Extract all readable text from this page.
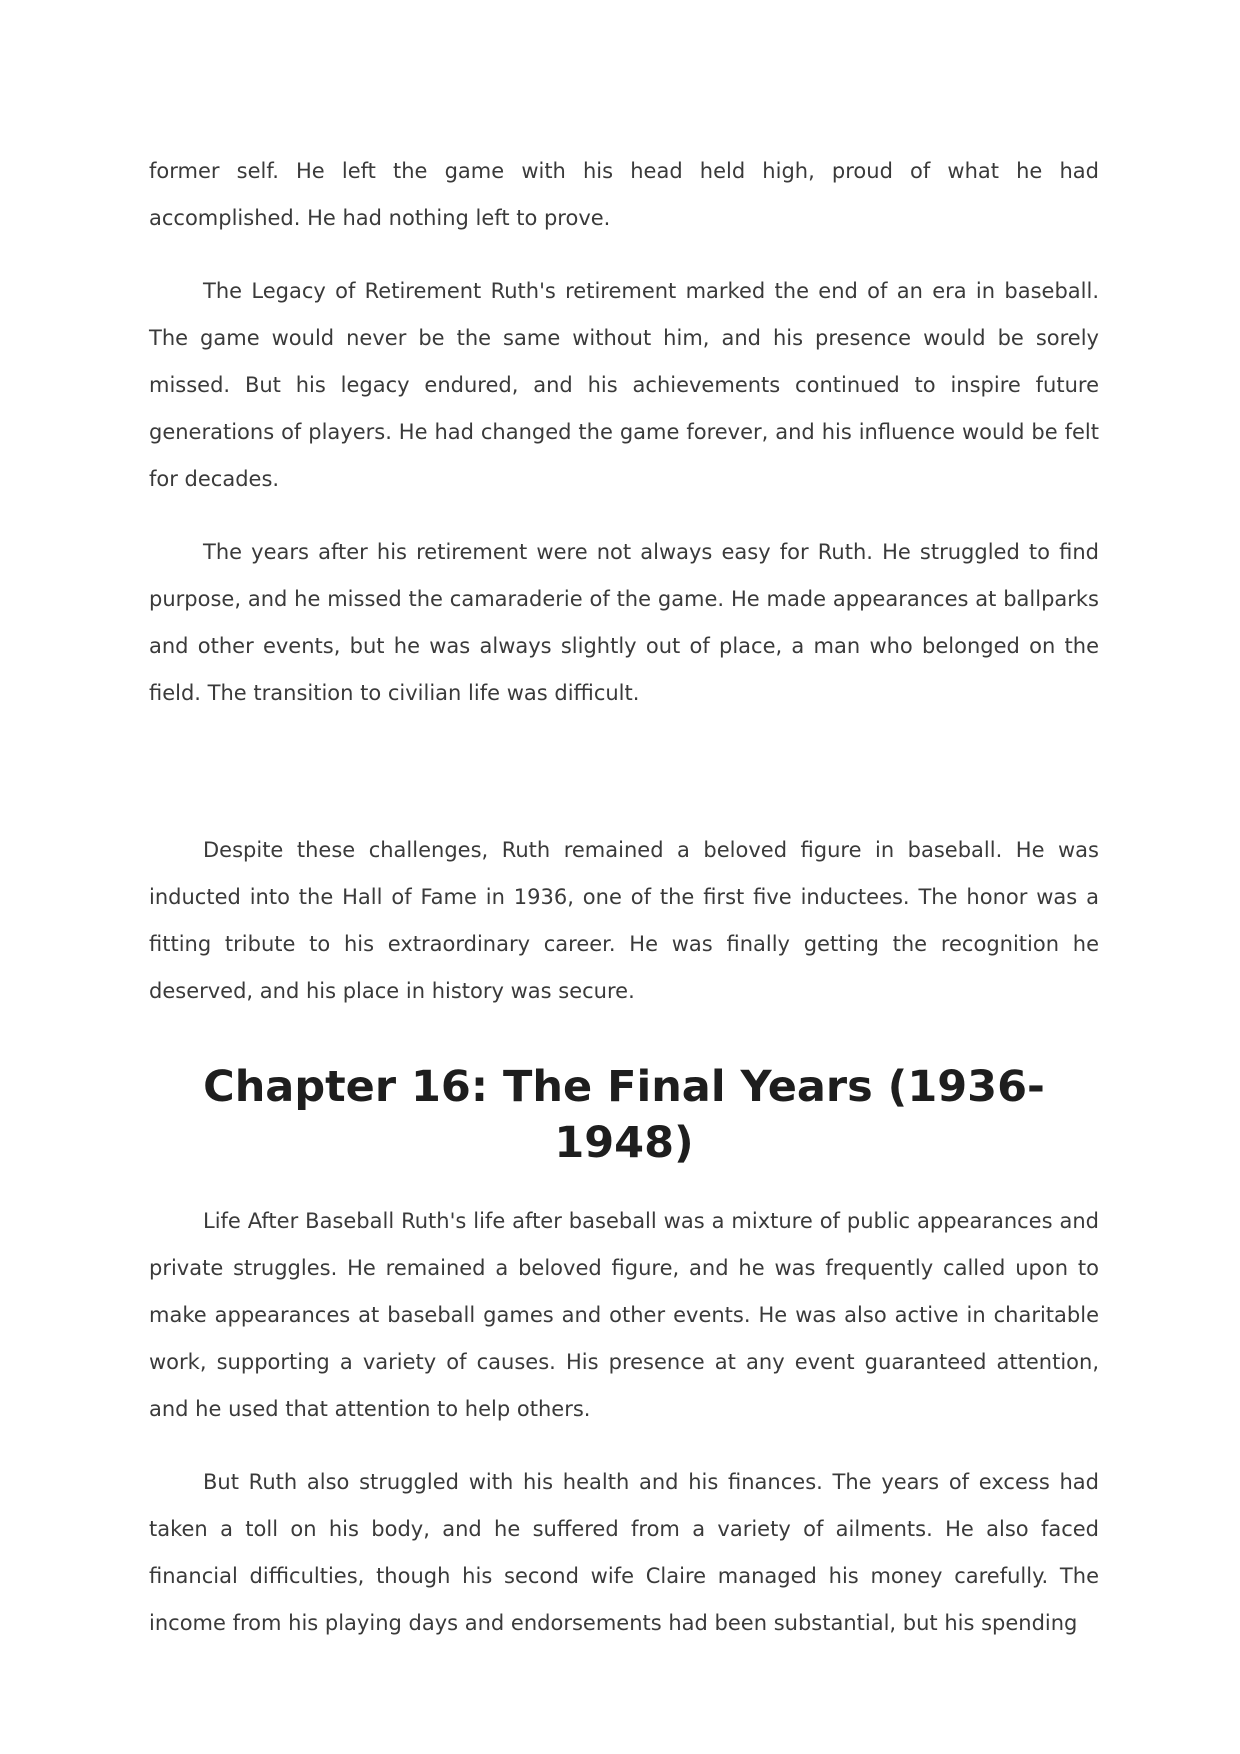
former self. He left the game with his head held high, proud of what he had accomplished. He had nothing left to prove.

The Legacy of Retirement Ruth's retirement marked the end of an era in baseball. The game would never be the same without him, and his presence would be sorely missed. But his legacy endured, and his achievements continued to inspire future generations of players. He had changed the game forever, and his influence would be felt for decades.

The years after his retirement were not always easy for Ruth. He struggled to find purpose, and he missed the camaraderie of the game. He made appearances at ballparks and other events, but he was always slightly out of place, a man who belonged on the field. The transition to civilian life was difficult.

Despite these challenges, Ruth remained a beloved figure in baseball. He was inducted into the Hall of Fame in 1936, one of the first five inductees. The honor was a fitting tribute to his extraordinary career. He was finally getting the recognition he deserved, and his place in history was secure.

Chapter 16: The Final Years (1936-1948)

Life After Baseball Ruth's life after baseball was a mixture of public appearances and private struggles. He remained a beloved figure, and he was frequently called upon to make appearances at baseball games and other events. He was also active in charitable work, supporting a variety of causes. His presence at any event guaranteed attention, and he used that attention to help others.

But Ruth also struggled with his health and his finances. The years of excess had taken a toll on his body, and he suffered from a variety of ailments. He also faced financial difficulties, though his second wife Claire managed his money carefully. The income from his playing days and endorsements had been substantial, but his spending
